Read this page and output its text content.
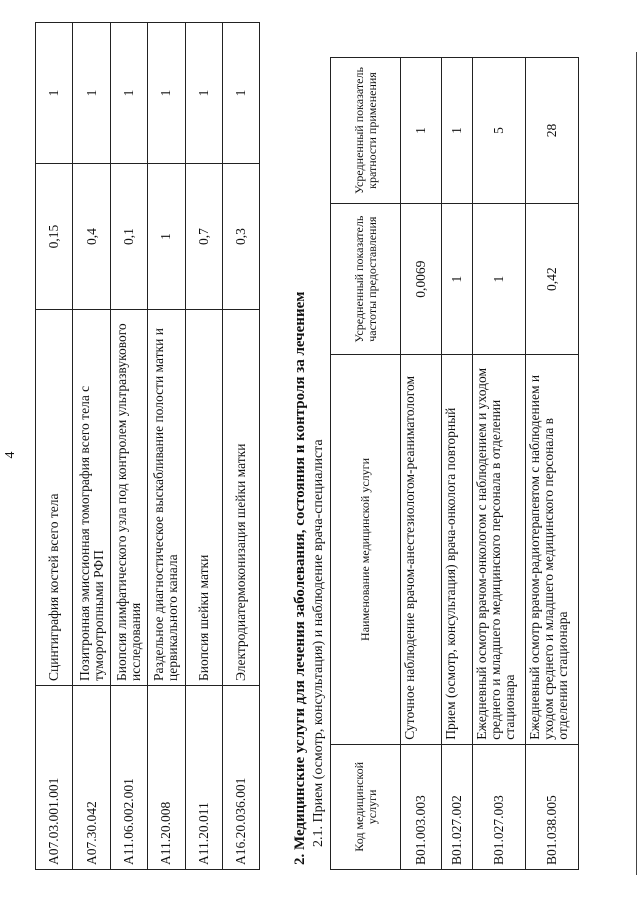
4
A07.03.001.001	Сцинтиграфия костей всего тела	0,15	1
A07.30.042	Позитронная эмиссионная томография всего тела с туморотропными РФП	0,4	1
A11.06.002.001	Биопсия лимфатического узла под контролем ультразвукового исследования	0,1	1
A11.20.008	Раздельное диагностическое выскабливание полости матки и цервикального канала	1	1
A11.20.011	Биопсия шейки матки	0,7	1
A16.20.036.001	Электродиатермоконизация шейки матки	0,3	1
2. Медицинские услуги для лечения заболевания, состояния и контроля за лечением 2.1. Прием (осмотр, консультация) и наблюдение врача-специалиста Код медицинской услуги	Наименование медицинской услуги	Усредненный показатель частоты предоставления	Усредненный показатель кратности применения
B01.003.003	Суточное наблюдение врачом-анестезиологом-реаниматологом	0,0069	1
B01.027.002	Прием (осмотр, консультация) врача-онколога повторный	1	1
B01.027.003	Ежедневный осмотр врачом-онкологом с наблюдением и уходом среднего и младшего медицинского персонала в отделении стационара	1	5
B01.038.005	Ежедневный осмотр врачом-радиотерапевтом с наблюдением и уходом среднего и младшего медицинского персонала в отделении стационара	0,42	28
